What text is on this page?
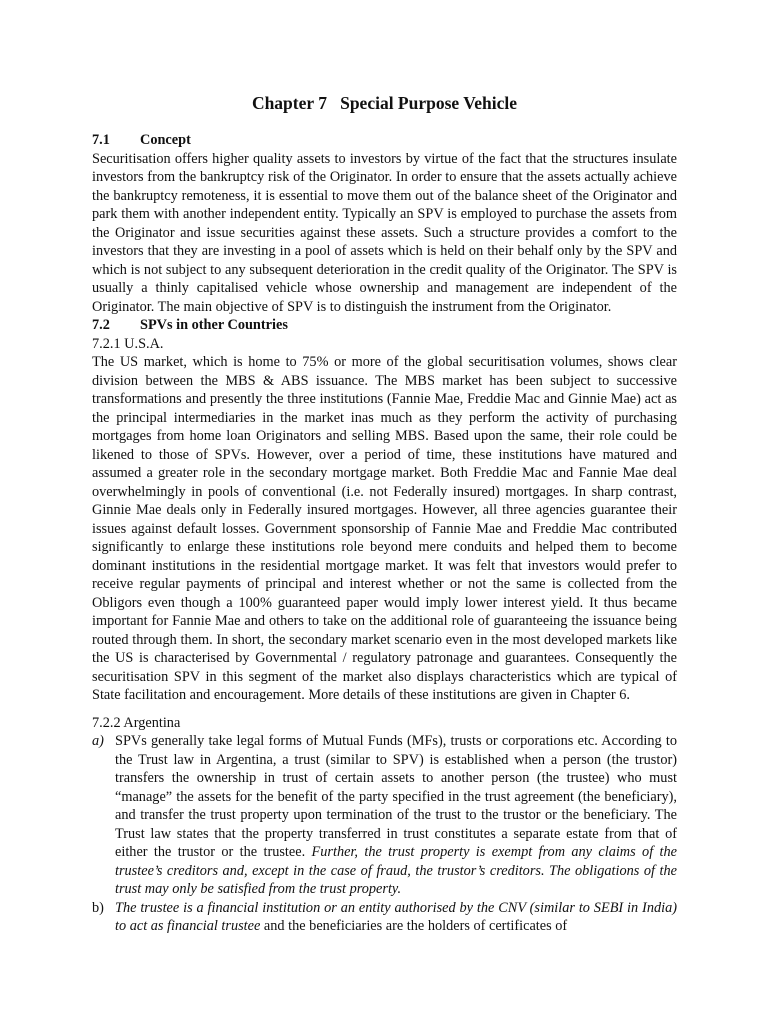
Chapter 7   Special Purpose Vehicle
7.1 Concept

Securitisation offers higher quality assets to investors by virtue of the fact that the structures insulate investors from the bankruptcy risk of the Originator. In order to ensure that the assets actually achieve the bankruptcy remoteness, it is essential to move them out of the balance sheet of the Originator and park them with another independent entity. Typically an SPV is employed to purchase the assets from the Originator and issue securities against these assets. Such a structure provides a comfort to the investors that they are investing in a pool of assets which is held on their behalf only by the SPV and which is not subject to any subsequent deterioration in the credit quality of the Originator. The SPV is usually a thinly capitalised vehicle whose ownership and management are independent of the Originator. The main objective of SPV is to distinguish the instrument from the Originator.

7.2 SPVs in other Countries
7.2.1 U.S.A.

The US market, which is home to 75% or more of the global securitisation volumes, shows clear division between the MBS & ABS issuance. The MBS market has been subject to successive transformations and presently the three institutions (Fannie Mae, Freddie Mac and Ginnie Mae) act as the principal intermediaries in the market inas much as they perform the activity of purchasing mortgages from home loan Originators and selling MBS. Based upon the same, their role could be likened to those of SPVs. However, over a period of time, these institutions have matured and assumed a greater role in the secondary mortgage market. Both Freddie Mac and Fannie Mae deal overwhelmingly in pools of conventional (i.e. not Federally insured) mortgages. In sharp contrast, Ginnie Mae deals only in Federally insured mortgages. However, all three agencies guarantee their issues against default losses. Government sponsorship of Fannie Mae and Freddie Mac contributed significantly to enlarge these institutions role beyond mere conduits and helped them to become dominant institutions in the residential mortgage market. It was felt that investors would prefer to receive regular payments of principal and interest whether or not the same is collected from the Obligors even though a 100% guaranteed paper would imply lower interest yield. It thus became important for Fannie Mae and others to take on the additional role of guaranteeing the issuance being routed through them. In short, the secondary market scenario even in the most developed markets like the US is characterised by Governmental / regulatory patronage and guarantees. Consequently the securitisation SPV in this segment of the market also displays characteristics which are typical of State facilitation and encouragement. More details of these institutions are given in Chapter 6.

7.2.2 Argentina
a) SPVs generally take legal forms of Mutual Funds (MFs), trusts or corporations etc. According to the Trust law in Argentina, a trust (similar to SPV) is established when a person (the trustor) transfers the ownership in trust of certain assets to another person (the trustee) who must “manage” the assets for the benefit of the party specified in the trust agreement (the beneficiary), and transfer the trust property upon termination of the trust to the trustor or the beneficiary. The Trust law states that the property transferred in trust constitutes a separate estate from that of either the trustor or the trustee. Further, the trust property is exempt from any claims of the trustee’s creditors and, except in the case of fraud, the trustor’s creditors. The obligations of the trust may only be satisfied from the trust property.
b) The trustee is a financial institution or an entity authorised by the CNV (similar to SEBI in India) to act as financial trustee and the beneficiaries are the holders of certificates of
